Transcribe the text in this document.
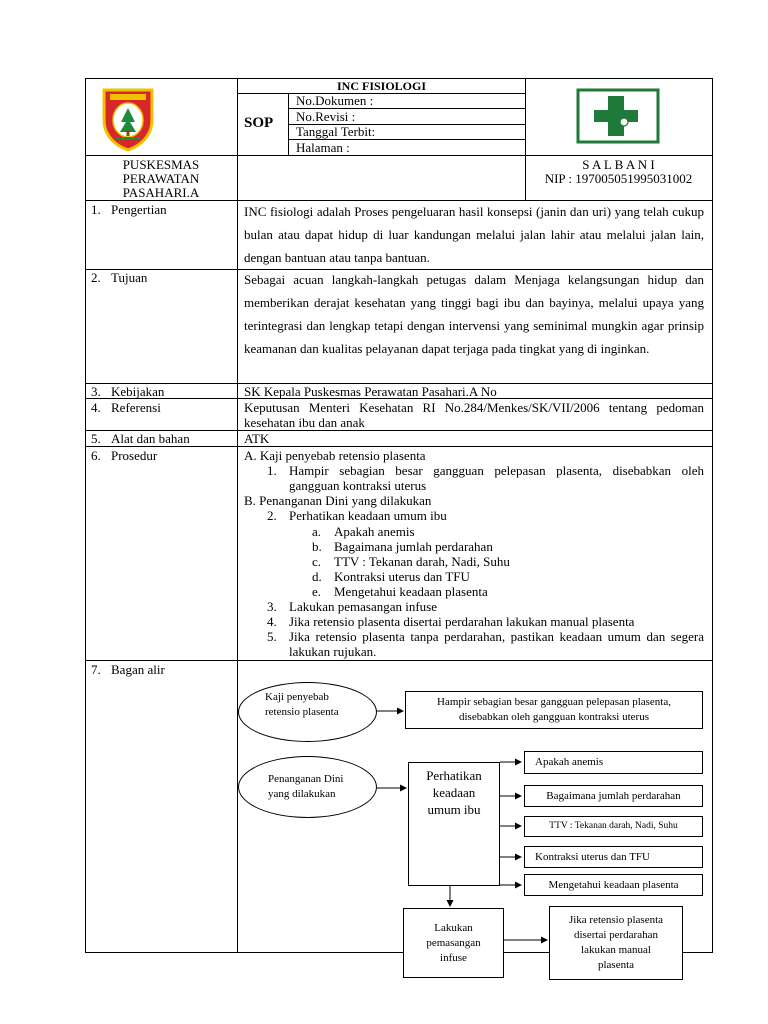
INC FISIOLOGI
SOP
No.Dokumen :
No.Revisi :
Tanggal Terbit:
Halaman :
PUSKESMAS
PERAWATAN
PASAHARI.A
S A L B A N I
NIP : 197005051995031002
1. Pengertian
2. Tujuan
3. Kebijakan
4. Referensi
5. Alat dan bahan
6. Prosedur
7. Bagan alir
INC fisiologi adalah Proses pengeluaran hasil konsepsi (janin dan uri) yang telah cukup bulan atau dapat hidup di luar kandungan melalui jalan lahir atau melalui jalan lain, dengan bantuan atau tanpa bantuan.
Sebagai acuan langkah-langkah petugas dalam Menjaga kelangsungan hidup dan memberikan derajat kesehatan yang tinggi bagi ibu dan bayinya, melalui upaya yang terintegrasi dan lengkap tetapi dengan intervensi yang seminimal mungkin agar prinsip keamanan dan kualitas pelayanan dapat terjaga pada tingkat yang di inginkan.
SK Kepala Puskesmas Perawatan Pasahari.A No
Keputusan Menteri Kesehatan RI No.284/Menkes/SK/VII/2006 tentang pedoman kesehatan ibu dan anak
ATK
A. Kaji penyebab retensio plasenta
1. Hampir sebagian besar gangguan pelepasan plasenta, disebabkan oleh gangguan kontraksi uterus
B. Penanganan Dini yang dilakukan
2. Perhatikan keadaan umum ibu
a. Apakah anemis
b. Bagaimana jumlah perdarahan
c. TTV : Tekanan darah, Nadi, Suhu
d. Kontraksi uterus dan TFU
e. Mengetahui keadaan plasenta
3. Lakukan pemasangan infuse
4. Jika retensio plasenta disertai perdarahan lakukan manual plasenta
5. Jika retensio plasenta tanpa perdarahan, pastikan keadaan umum dan segera lakukan rujukan.
Kaji penyebab
retensio plasenta
Hampir sebagian besar gangguan pelepasan plasenta,
disebabkan oleh gangguan kontraksi uterus
Penanganan Dini
yang dilakukan
Perhatikan
keadaan
umum ibu
Apakah anemis
Bagaimana jumlah perdarahan
TTV : Tekanan darah, Nadi, Suhu
Kontraksi uterus dan TFU
Mengetahui keadaan plasenta
Lakukan
pemasangan
infuse
Jika retensio plasenta
disertai perdarahan
lakukan manual
plasenta
